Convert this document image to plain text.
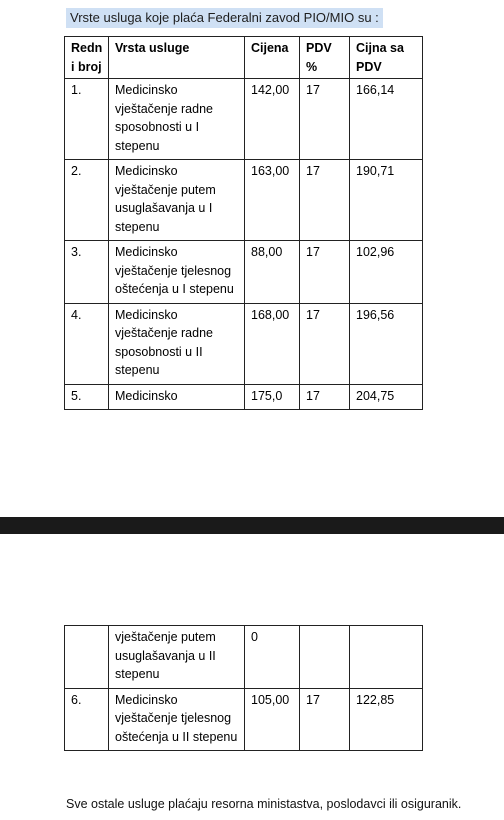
Vrste usluga koje plaća Federalni zavod PIO/MIO su :
Redn i broj	Vrsta usluge	Cijena	PDV %	Cijna sa PDV
1.	Medicinsko vještačenje radne sposobnosti u I stepenu	142,00	17	166,14
2.	Medicinsko vještačenje putem usuglašavanja u I stepenu	163,00	17	190,71
3.	Medicinsko vještačenje tjelesnog oštećenja u I stepenu	88,00	17	102,96
4.	Medicinsko vještačenje radne sposobnosti u II stepenu	168,00	17	196,56
5.	Medicinsko	175,0	17	204,75
	vještačenje putem usuglašavanja u II stepenu	0		
6.	Medicinsko vještačenje tjelesnog oštećenja u II stepenu	105,00	17	122,85
Sve ostale usluge plaćaju resorna ministastva, poslodavci ili osiguranik.
